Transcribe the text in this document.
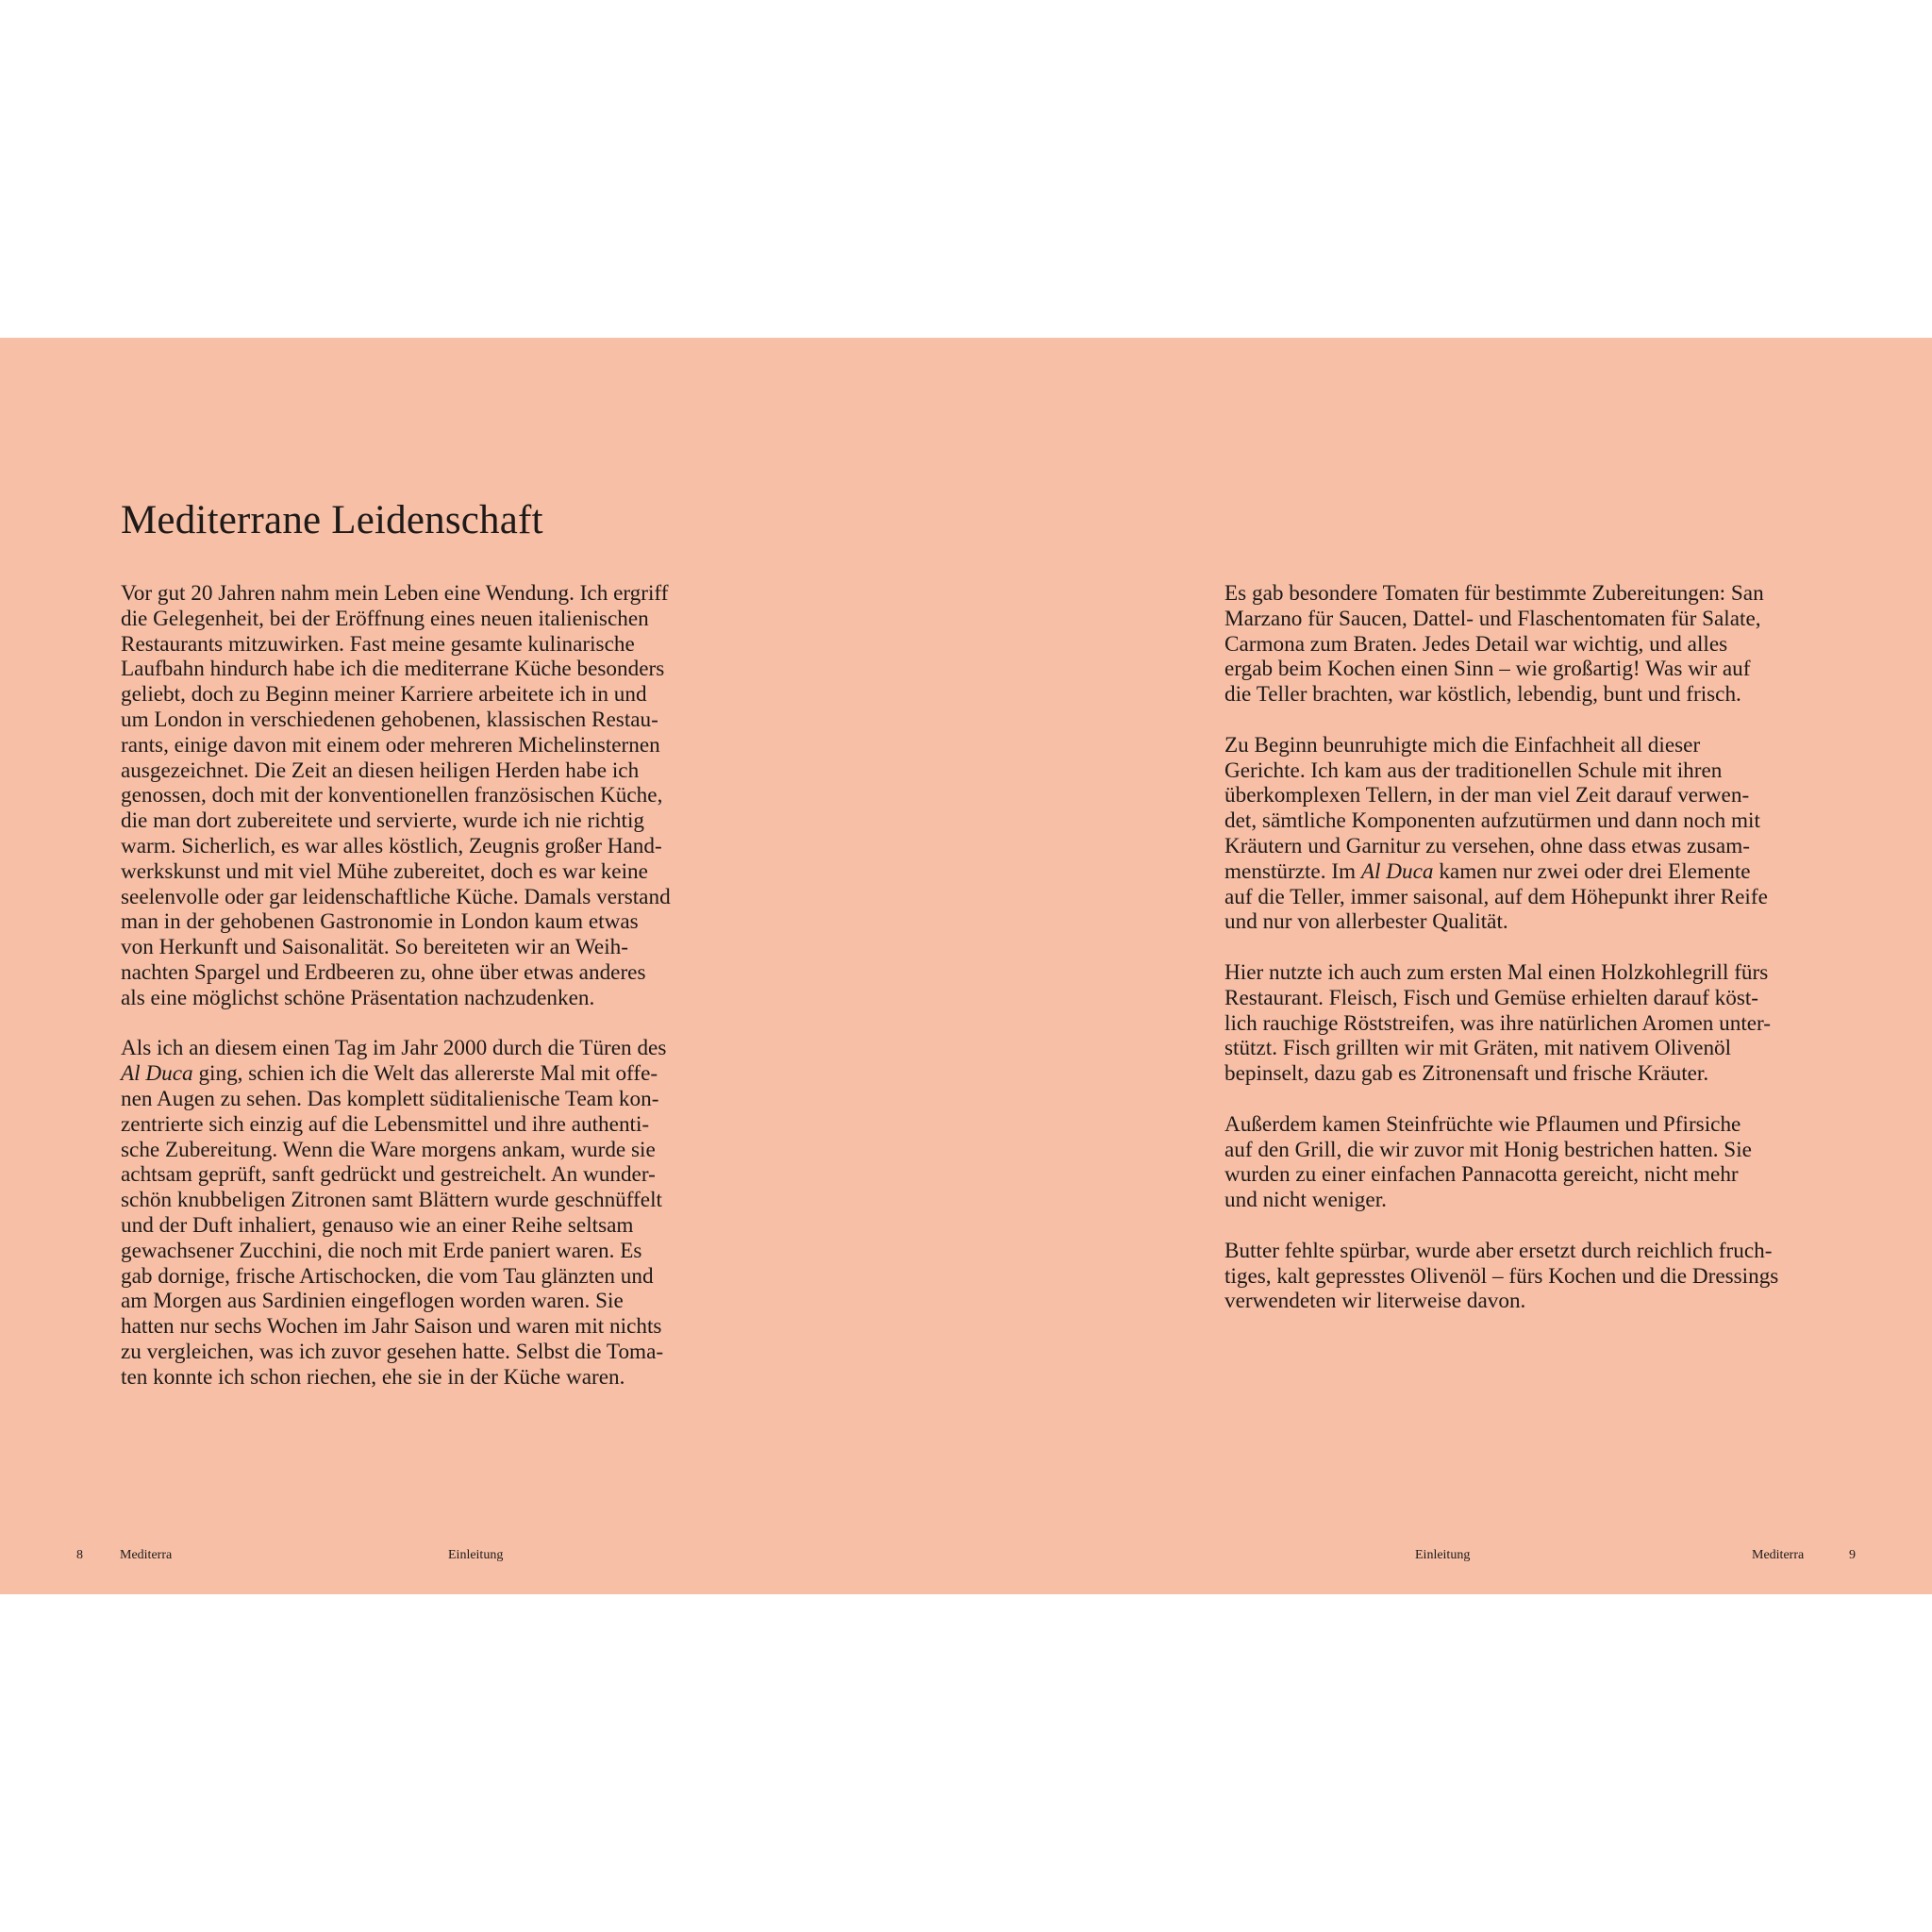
Mediterrane Leidenschaft

Vor gut 20 Jahren nahm mein Leben eine Wendung. Ich ergriff
die Gelegenheit, bei der Eröffnung eines neuen italienischen
Restaurants mitzuwirken. Fast meine gesamte kulinarische
Laufbahn hindurch habe ich die mediterrane Küche besonders
geliebt, doch zu Beginn meiner Karriere arbeitete ich in und
um London in verschiedenen gehobenen, klassischen Restau-
rants, einige davon mit einem oder mehreren Michelinsternen
ausgezeichnet. Die Zeit an diesen heiligen Herden habe ich
genossen, doch mit der konventionellen französischen Küche,
die man dort zubereitete und servierte, wurde ich nie richtig
warm. Sicherlich, es war alles köstlich, Zeugnis großer Hand-
werkskunst und mit viel Mühe zubereitet, doch es war keine
seelenvolle oder gar leidenschaftliche Küche. Damals verstand
man in der gehobenen Gastronomie in London kaum etwas
von Herkunft und Saisonalität. So bereiteten wir an Weih-
nachten Spargel und Erdbeeren zu, ohne über etwas anderes
als eine möglichst schöne Präsentation nachzudenken.

Als ich an diesem einen Tag im Jahr 2000 durch die Türen des
Al Duca ging, schien ich die Welt das allererste Mal mit offe-
nen Augen zu sehen. Das komplett süditalienische Team kon-
zentrierte sich einzig auf die Lebensmittel und ihre authenti-
sche Zubereitung. Wenn die Ware morgens ankam, wurde sie
achtsam geprüft, sanft gedrückt und gestreichelt. An wunder-
schön knubbeligen Zitronen samt Blättern wurde geschnüffelt
und der Duft inhaliert, genauso wie an einer Reihe seltsam
gewachsener Zucchini, die noch mit Erde paniert waren. Es
gab dornige, frische Artischocken, die vom Tau glänzten und
am Morgen aus Sardinien eingeflogen worden waren. Sie
hatten nur sechs Wochen im Jahr Saison und waren mit nichts
zu vergleichen, was ich zuvor gesehen hatte. Selbst die Toma-
ten konnte ich schon riechen, ehe sie in der Küche waren.

Es gab besondere Tomaten für bestimmte Zubereitungen: San
Marzano für Saucen, Dattel- und Flaschentomaten für Salate,
Carmona zum Braten. Jedes Detail war wichtig, und alles
ergab beim Kochen einen Sinn – wie großartig! Was wir auf
die Teller brachten, war köstlich, lebendig, bunt und frisch.

Zu Beginn beunruhigte mich die Einfachheit all dieser
Gerichte. Ich kam aus der traditionellen Schule mit ihren
überkomplexen Tellern, in der man viel Zeit darauf verwen-
det, sämtliche Komponenten aufzutürmen und dann noch mit
Kräutern und Garnitur zu versehen, ohne dass etwas zusam-
menstürzte. Im Al Duca kamen nur zwei oder drei Elemente
auf die Teller, immer saisonal, auf dem Höhepunkt ihrer Reife
und nur von allerbester Qualität.

Hier nutzte ich auch zum ersten Mal einen Holzkohlegrill fürs
Restaurant. Fleisch, Fisch und Gemüse erhielten darauf köst-
lich rauchige Röststreifen, was ihre natürlichen Aromen unter-
stützt. Fisch grillten wir mit Gräten, mit nativem Olivenöl
bepinselt, dazu gab es Zitronensaft und frische Kräuter.

Außerdem kamen Steinfrüchte wie Pflaumen und Pfirsiche
auf den Grill, die wir zuvor mit Honig bestrichen hatten. Sie
wurden zu einer einfachen Pannacotta gereicht, nicht mehr
und nicht weniger.

Butter fehlte spürbar, wurde aber ersetzt durch reichlich fruch-
tiges, kalt gepresstes Olivenöl – fürs Kochen und die Dressings
verwendeten wir literweise davon.

8	Mediterra	Einleitung	Einleitung	Mediterra	9
